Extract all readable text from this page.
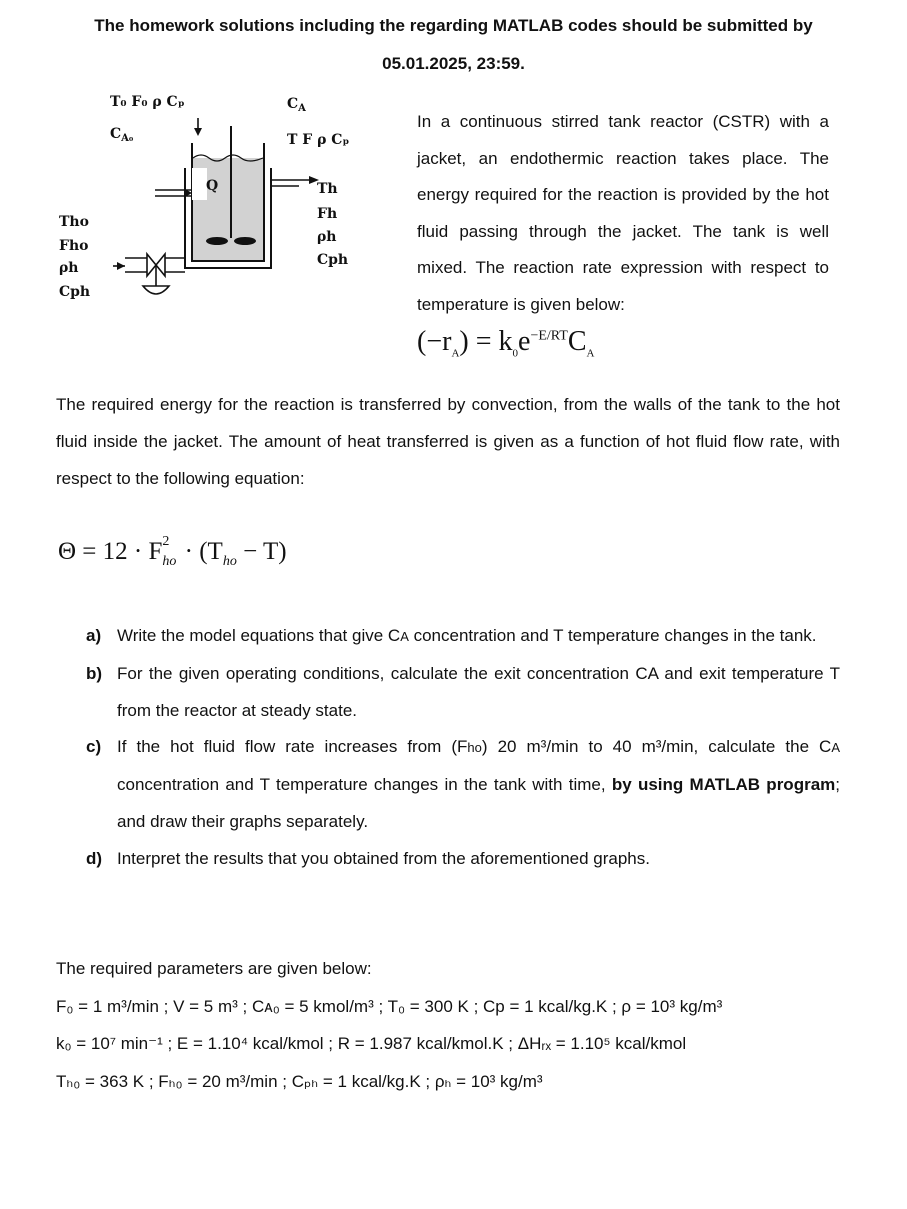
The homework solutions including the regarding MATLAB codes should be submitted by
05.01.2025, 23:59.
T₀ F₀ ρ Cₚ
$C_{A_0}$
$C_A$
T F ρ Cₚ
Q	Th
Fh
ρh
Cph
Tho
Fho
ρh
Cph
In a continuous stirred tank reactor (CSTR) with a jacket, an endothermic reaction takes place. The energy required for the reaction is provided by the hot fluid passing through the jacket. The tank is well mixed. The reaction rate expression with respect to temperature is given below:
$(-r_A) = k_0e^{-E/RT}C_A$
The required energy for the reaction is transferred by convection, from the walls of the tank to the hot fluid inside the jacket. The amount of heat transferred is given as a function of hot fluid flow rate, with respect to the following equation:
Θ = 12 · F 2
ho · $(T_{ho} - T)$
a) Write the model equations that give CA concentration and T temperature changes in the tank.
b) For the given operating conditions, calculate the exit concentration CA and exit temperature T from the reactor at steady state.
c) If the hot fluid flow rate increases from (Fho) 20 m³/min to 40 m³/min, calculate the CA concentration and T temperature changes in the tank with time, by using MATLAB program; and draw their graphs separately.
d) Interpret the results that you obtained from the aforementioned graphs.
The required parameters are given below:
F₀ = 1 m³/min ; V = 5 m³ ; Cᴀ₀ = 5 kmol/m³ ; T₀ = 300 K ; Cp = 1 kcal/kg.K ; ρ = 10³ kg/m³
k₀ = 10⁷ min⁻¹ ; E = 1.10⁴ kcal/kmol ; R = 1.987 kcal/kmol.K ; ΔHᵣₓ = 1.10⁵ kcal/kmol
Tₕ₀ = 363 K ; Fₕ₀ = 20 m³/min ; Cₚₕ = 1 kcal/kg.K ; ρₕ = 10³ kg/m³
